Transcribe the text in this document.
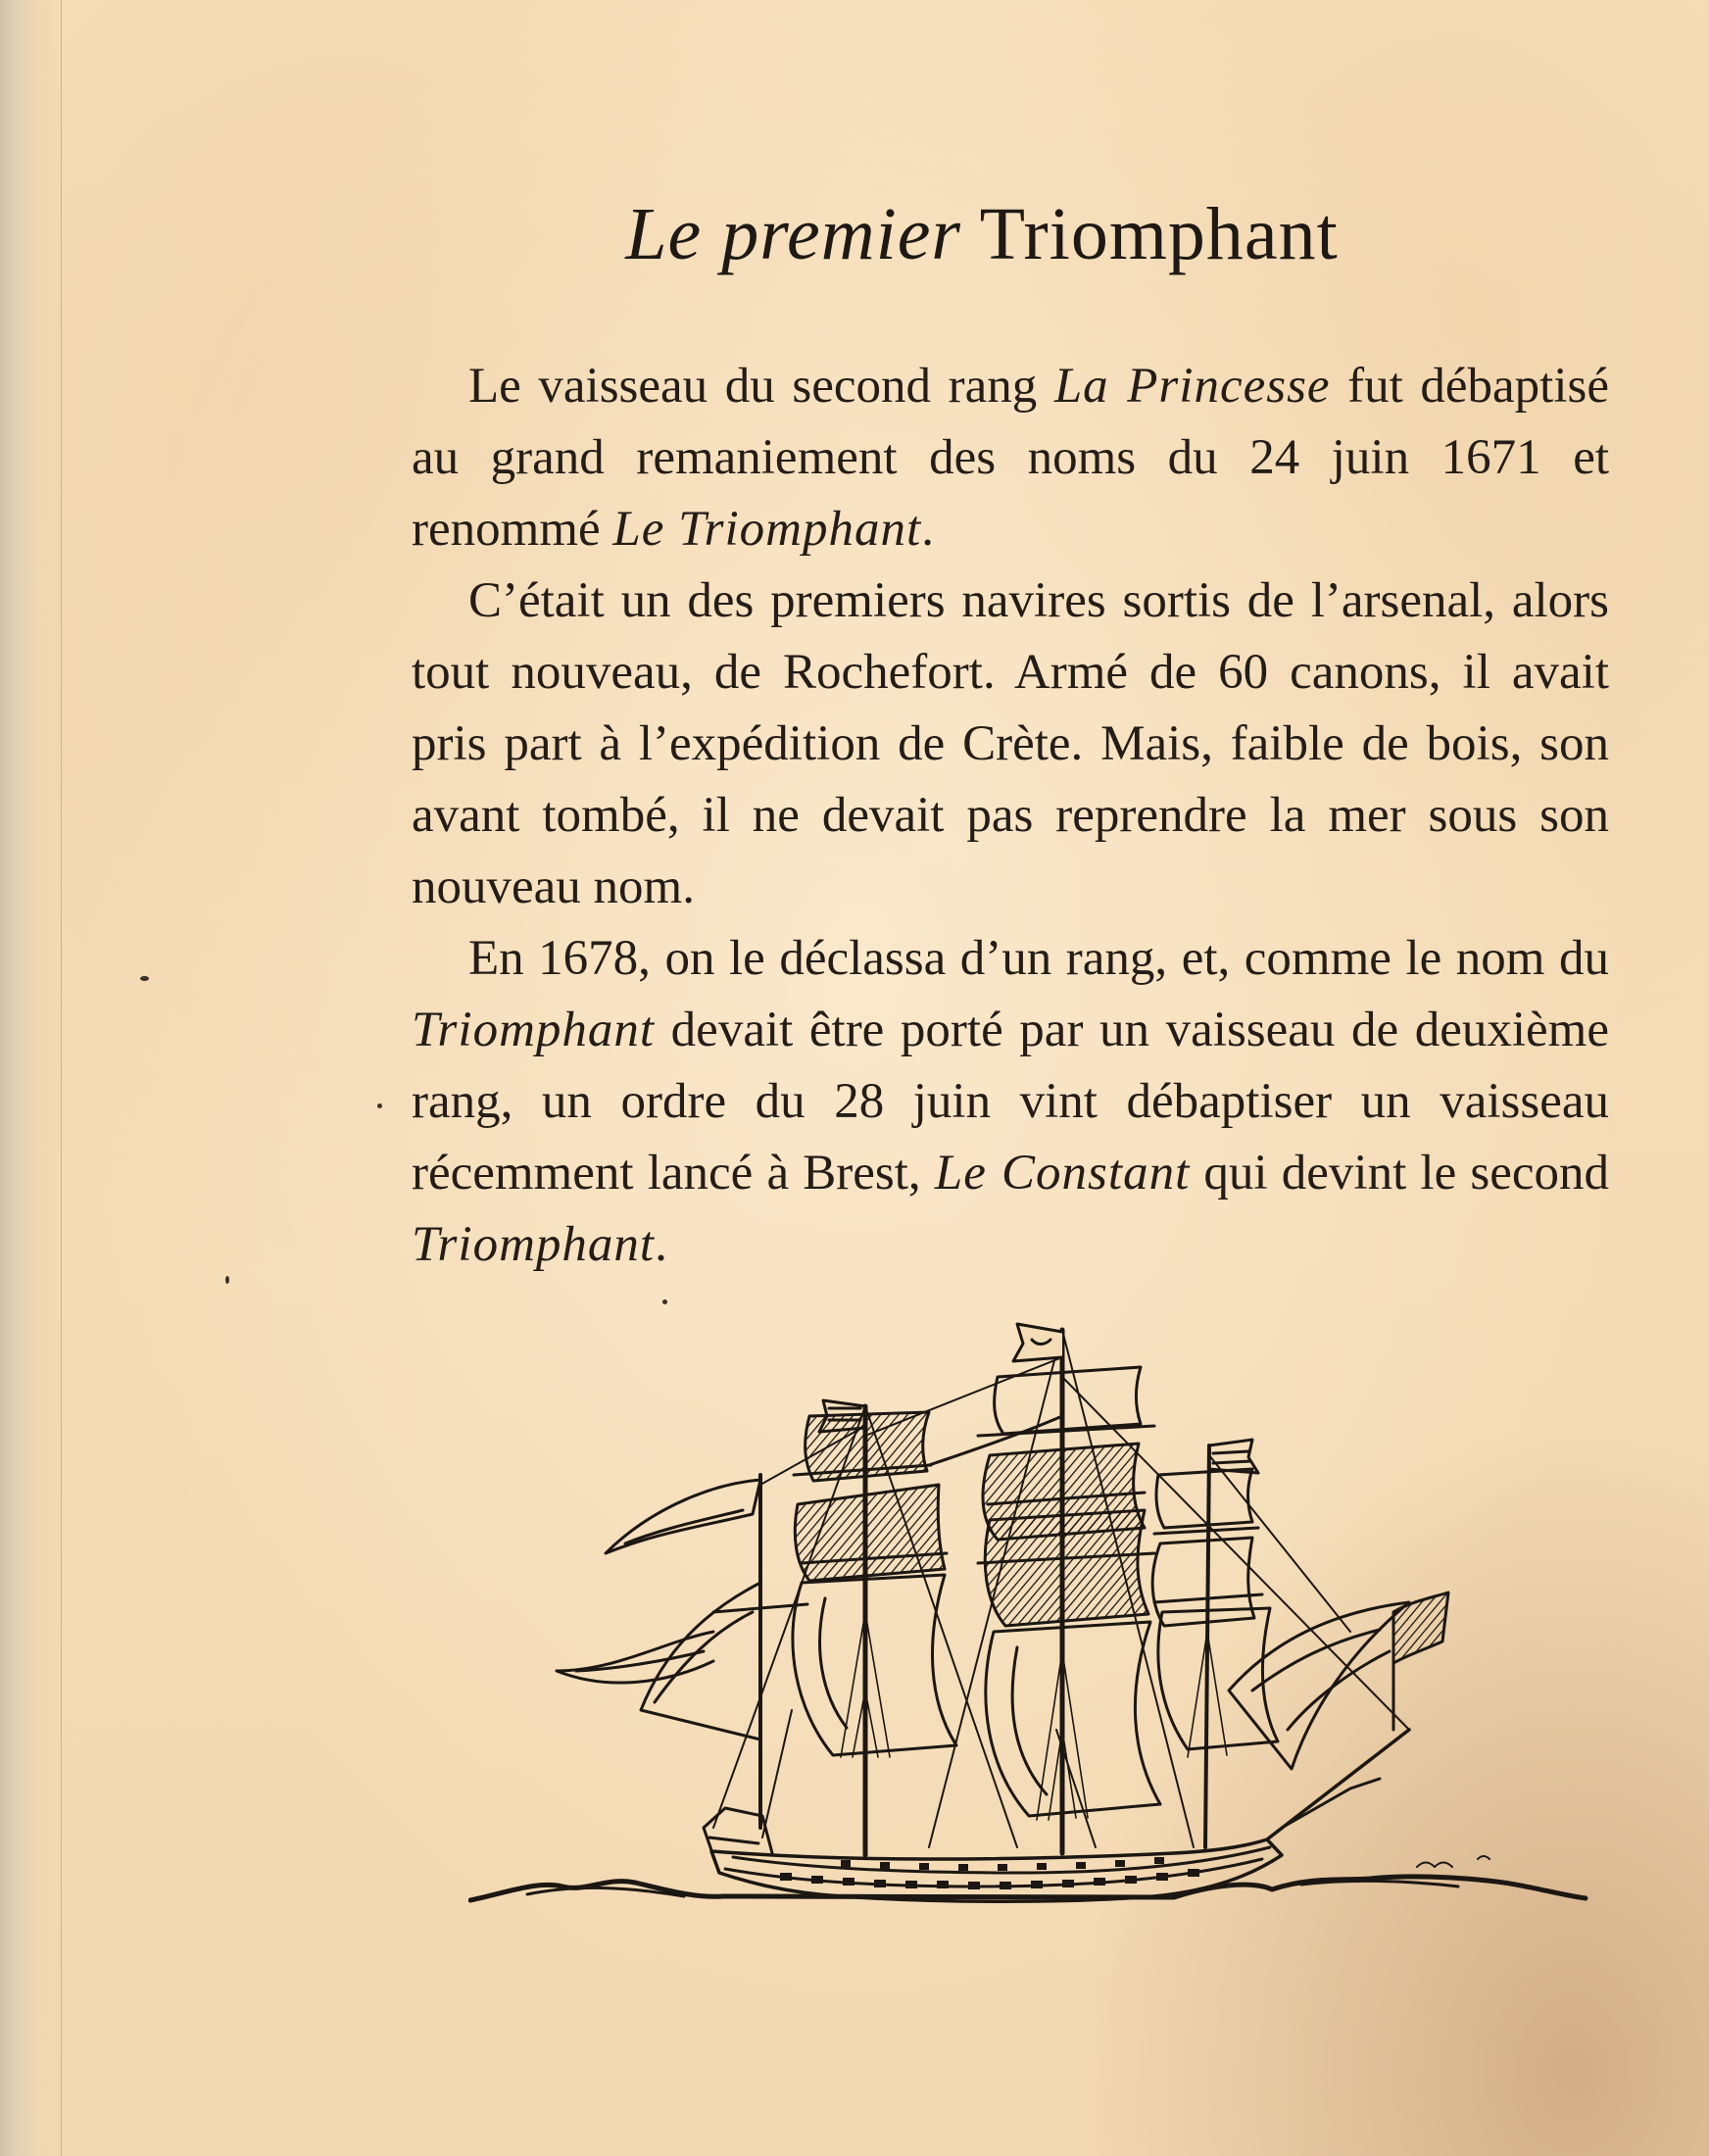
Le premier Triomphant

Le vaisseau du second rang La Princesse fut débaptisé au grand remaniement des noms du 24 juin 1671 et renommé Le Triomphant.

C’était un des premiers navires sortis de l’arsenal, alors tout nouveau, de Rochefort. Armé de 60 canons, il avait pris part à l’expédition de Crète. Mais, faible de bois, son avant tombé, il ne devait pas reprendre la mer sous son nouveau nom.

En 1678, on le déclassa d’un rang, et, comme le nom du Triomphant devait être porté par un vaisseau de deuxième rang, un ordre du 28 juin vint débaptiser un vaisseau récemment lancé à Brest, Le Constant qui devint le second Triomphant.
